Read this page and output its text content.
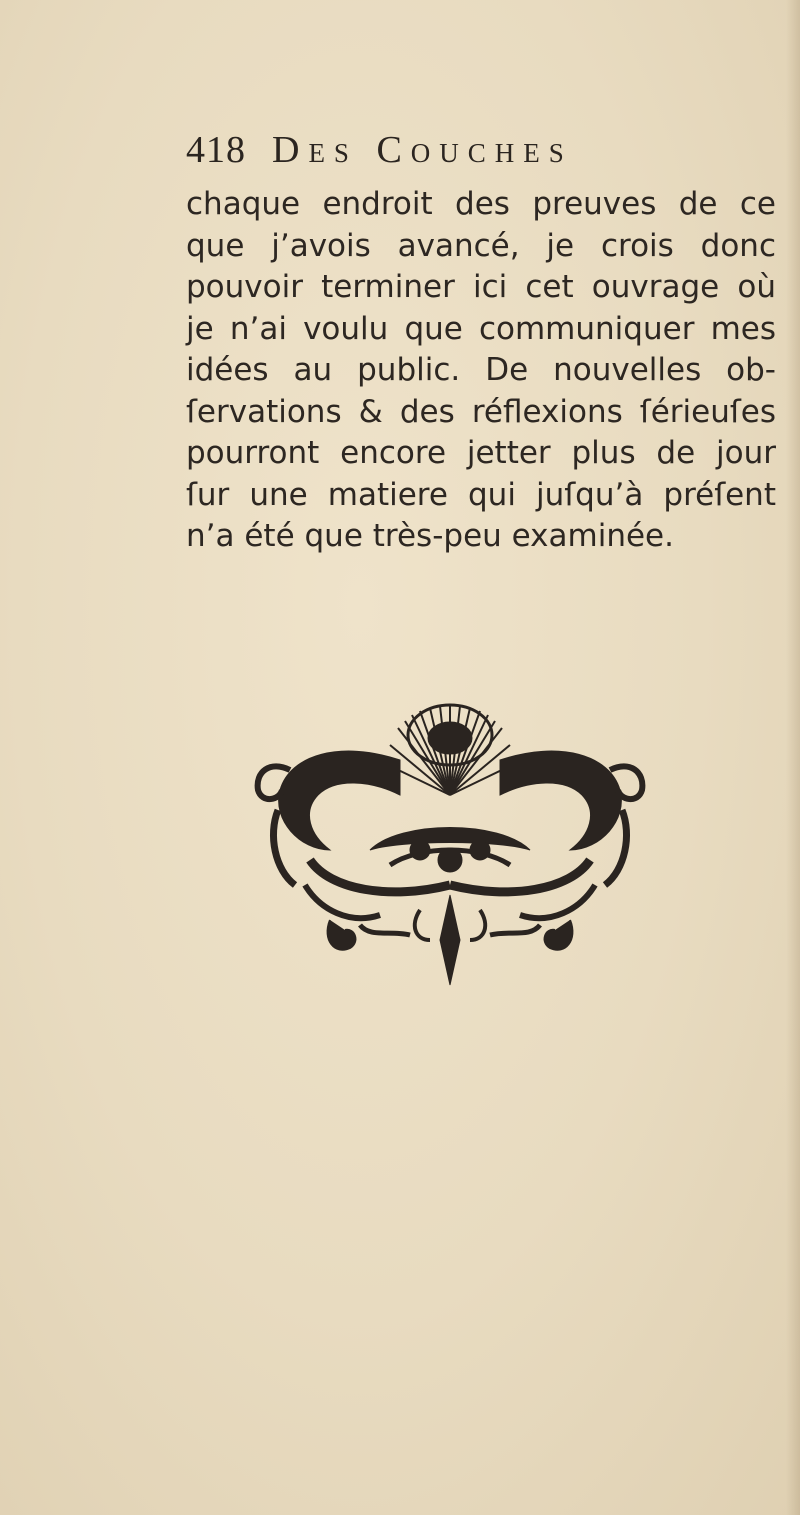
418 Des Couches
chaque endroit des preuves de ce
que j’avois avancé, je crois donc
pouvoir terminer ici cet ouvrage où
je n’ai voulu que communiquer mes
idées au public. De nouvelles ob-
ſervations & des réflexions ſérieuſes
pourront encore jetter plus de jour
ſur une matiere qui juſqu’à préſent
n’a été que très-peu examinée.
